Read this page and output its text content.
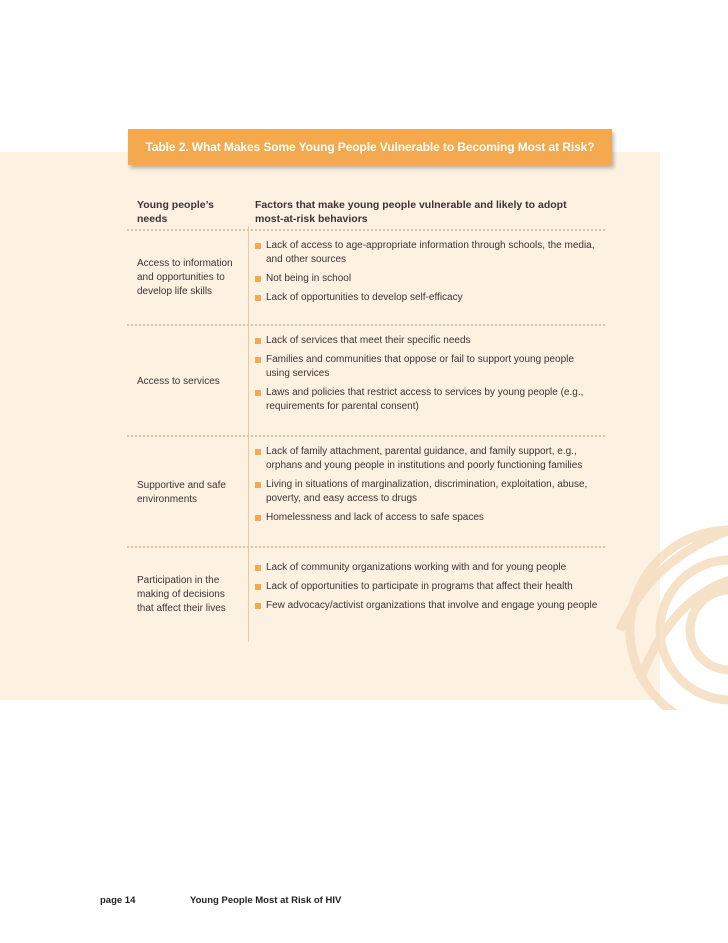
Table 2. What Makes Some Young People Vulnerable to Becoming Most at Risk?
Young people’s needs
Factors that make young people vulnerable and likely to adopt most-at-risk behaviors
Access to information and opportunities to develop life skills
Lack of access to age-appropriate information through schools, the media, and other sources
Not being in school
Lack of opportunities to develop self-efficacy
Access to services
Lack of services that meet their specific needs
Families and communities that oppose or fail to support young people using services
Laws and policies that restrict access to services by young people (e.g., requirements for parental consent)
Supportive and safe environments
Lack of family attachment, parental guidance, and family support, e.g., orphans and young people in institutions and poorly functioning families
Living in situations of marginalization, discrimination, exploitation, abuse, poverty, and easy access to drugs
Homelessness and lack of access to safe spaces
Participation in the making of decisions that affect their lives
Lack of community organizations working with and for young people
Lack of opportunities to participate in programs that affect their health
Few advocacy/activist organizations that involve and engage young people
page 14	Young People Most at Risk of HIV
